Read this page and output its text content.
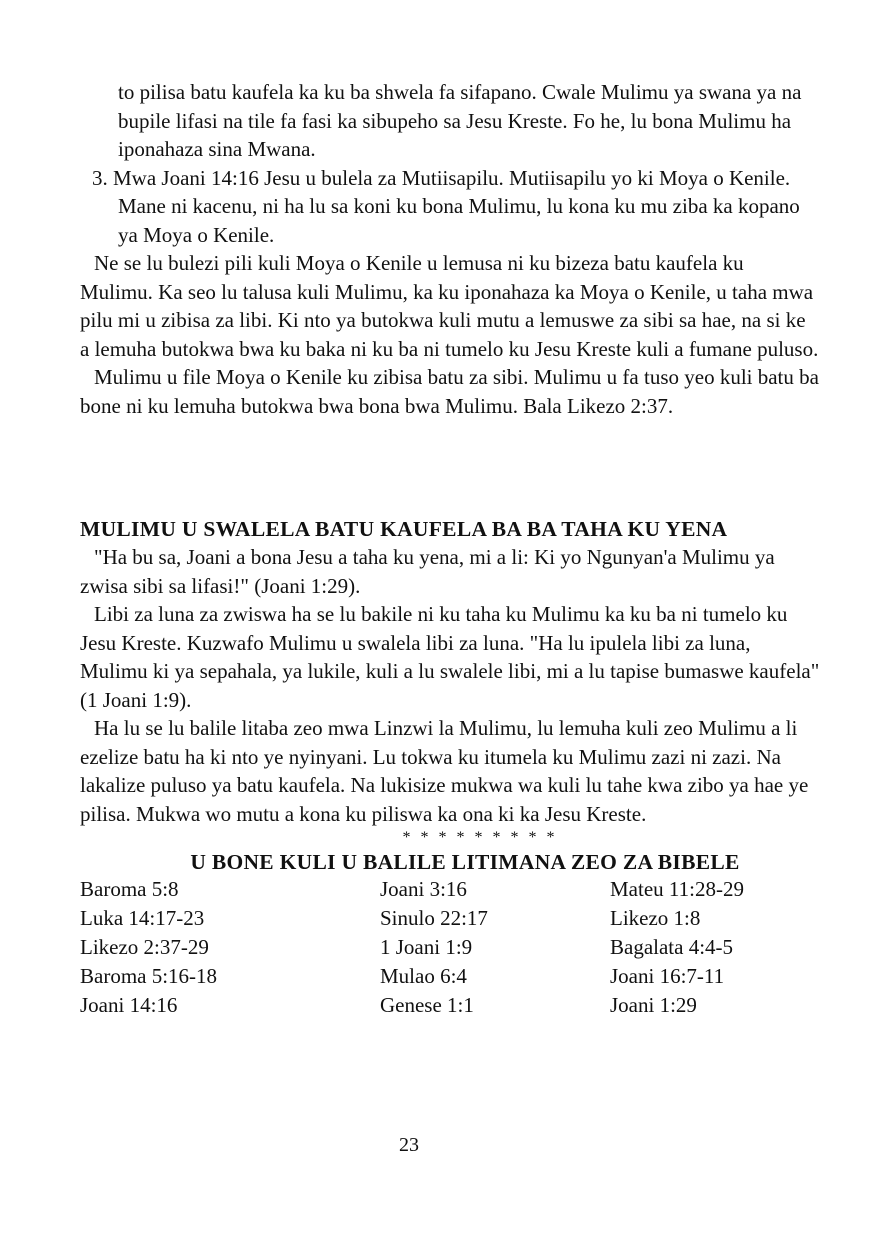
to pilisa batu kaufela ka ku ba shwela fa sifapano. Cwale Mulimu ya swana ya na bupile lifasi na tile fa fasi ka sibupeho sa Jesu Kreste. Fo he, lu bona Mulimu ha iponahaza sina Mwana.

3. Mwa Joani 14:16 Jesu u bulela za Mutiisapilu. Mutiisapilu yo ki Moya o Kenile. Mane ni kacenu, ni ha lu sa koni ku bona Mulimu, lu kona ku mu ziba ka kopano ya Moya o Kenile.

Ne se lu bulezi pili kuli Moya o Kenile u lemusa ni ku bizeza batu kaufela ku Mulimu. Ka seo lu talusa kuli Mulimu, ka ku iponahaza ka Moya o Kenile, u taha mwa pilu mi u zibisa za libi. Ki nto ya butokwa kuli mutu a lemuswe za sibi sa hae, na si ke a lemuha butokwa bwa ku baka ni ku ba ni tumelo ku Jesu Kreste kuli a fumane puluso.

Mulimu u file Moya o Kenile ku zibisa batu za sibi. Mulimu u fa tuso yeo kuli batu ba bone ni ku lemuha butokwa bwa bona bwa Mulimu. Bala Likezo 2:37.

MULIMU U SWALELA BATU KAUFELA BA BA TAHA KU YENA

"Ha bu sa, Joani a bona Jesu a taha ku yena, mi a li: Ki yo Ngunyan'a Mulimu ya zwisa sibi sa lifasi!" (Joani 1:29).

Libi za luna za zwiswa ha se lu bakile ni ku taha ku Mulimu ka ku ba ni tumelo ku Jesu Kreste. Kuzwafo Mulimu u swalela libi za luna. "Ha lu ipulela libi za luna, Mulimu ki ya sepahala, ya lukile, kuli a lu swalele libi, mi a lu tapise bumaswe kaufela" (1 Joani 1:9).

Ha lu se lu balile litaba zeo mwa Linzwi la Mulimu, lu lemuha kuli zeo Mulimu a li ezelize batu ha ki nto ye nyinyani. Lu tokwa ku itumela ku Mulimu zazi ni zazi. Na lakalize puluso ya batu kaufela. Na lukisize mukwa wa kuli lu tahe kwa zibo ya hae ye pilisa. Mukwa wo mutu a kona ku piliswa ka ona ki ka Jesu Kreste.

* * * * * * * * *

U BONE KULI U BALILE LITIMANA ZEO ZA BIBELE

Baroma 5:8
Luka 14:17-23
Likezo 2:37-29
Baroma 5:16-18
Joani 14:16
Joani 3:16
Sinulo 22:17
1 Joani 1:9
Mulao 6:4
Genese 1:1
Mateu 11:28-29
Likezo 1:8
Bagalata 4:4-5
Joani 16:7-11
Joani 1:29
23
